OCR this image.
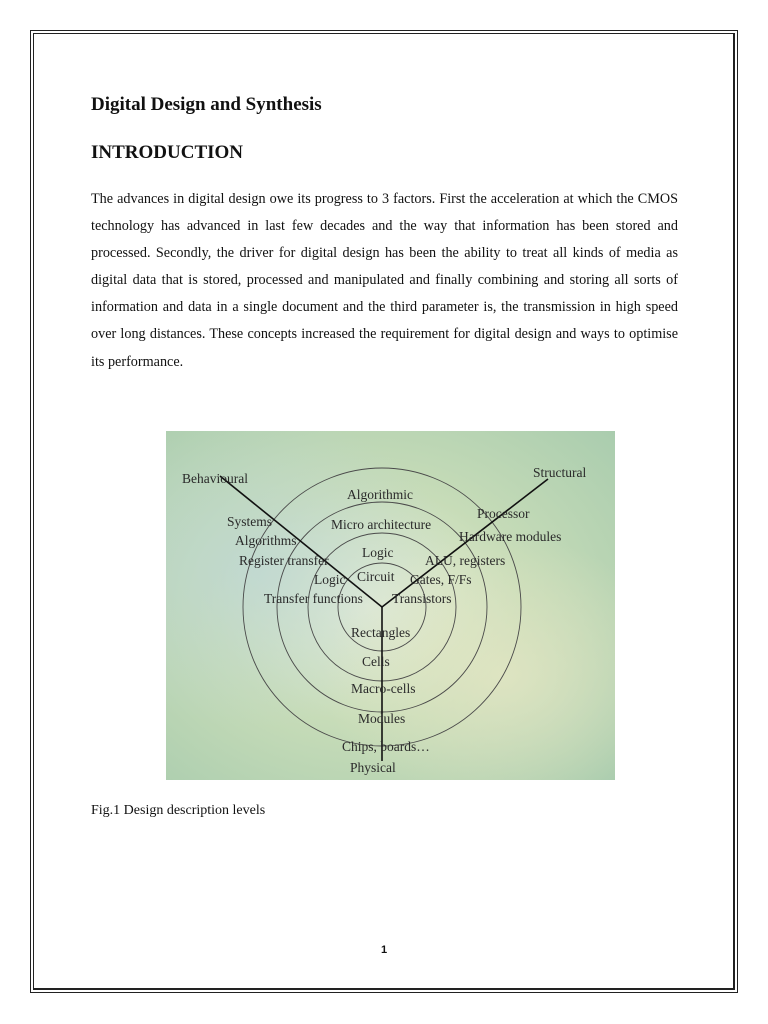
Digital Design and Synthesis
INTRODUCTION

The advances in digital design owe its progress to 3 factors. First the acceleration at which the CMOS technology has advanced in last few decades and the way that information has been stored and processed. Secondly, the driver for digital design has been the ability to treat all kinds of media as digital data that is stored, processed and manipulated and finally combining and storing all sorts of information and data in a single document and the third parameter is, the transmission in high speed over long distances. These concepts increased the requirement for digital design and ways to optimise its performance.

Behavioural	Structural
Physical
Algorithmic
Micro architecture
Logic
Circuit
Systems
Algorithms
Register transfer
Logic
Transfer functions
Processor
Hardware modules
ALU, registers
Gates, F/Fs
Transistors
Rectangles
Cells
Macro-cells
Modules
Chips, boards…

Fig.1 Design description levels

1
